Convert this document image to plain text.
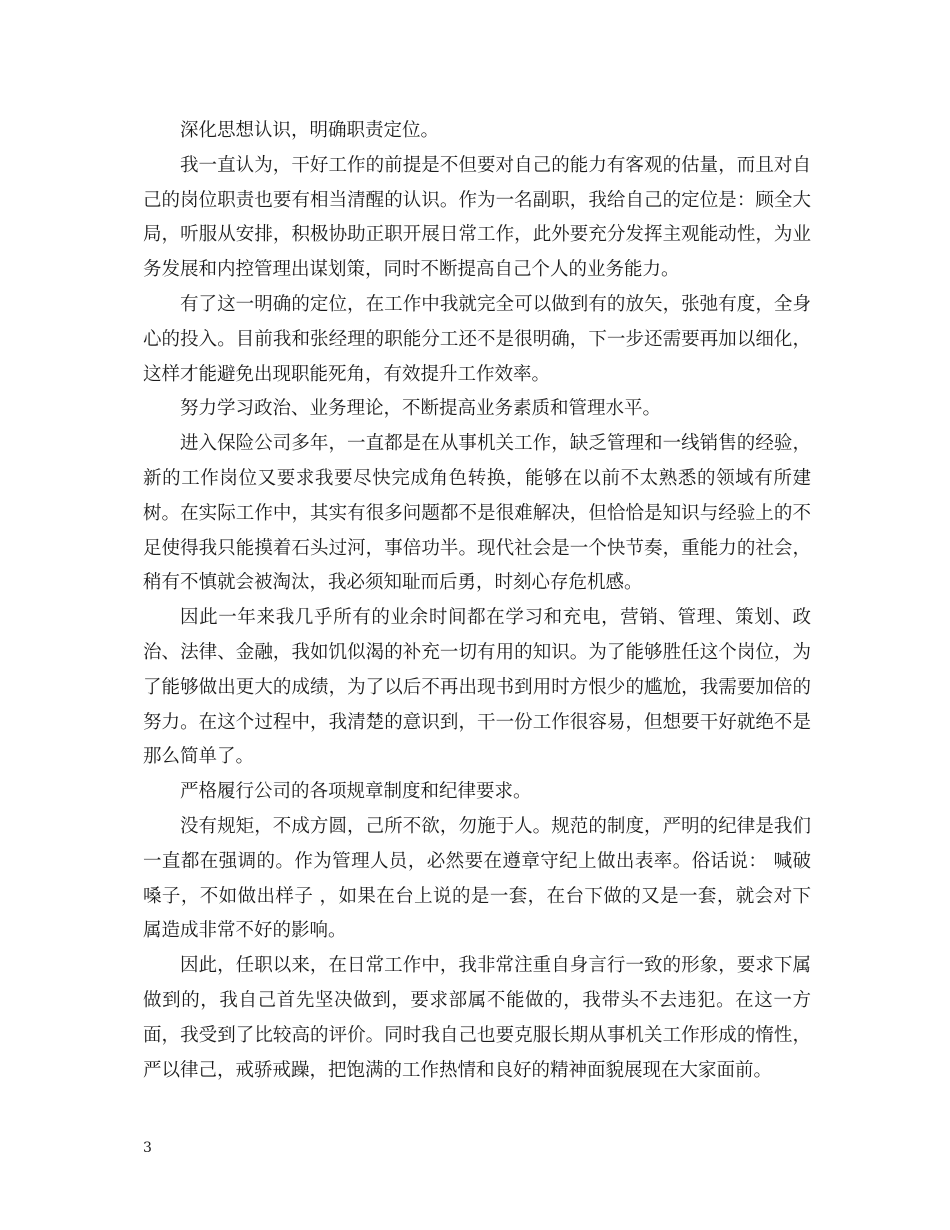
深化思想认识，明确职责定位。

我一直认为，干好工作的前提是不但要对自己的能力有客观的估量，而且对自己的岗位职责也要有相当清醒的认识。作为一名副职，我给自己的定位是：顾全大局，听服从安排，积极协助正职开展日常工作，此外要充分发挥主观能动性，为业务发展和内控管理出谋划策，同时不断提高自己个人的业务能力。

有了这一明确的定位，在工作中我就完全可以做到有的放矢，张弛有度，全身心的投入。目前我和张经理的职能分工还不是很明确，下一步还需要再加以细化，这样才能避免出现职能死角，有效提升工作效率。

努力学习政治、业务理论，不断提高业务素质和管理水平。

进入保险公司多年，一直都是在从事机关工作，缺乏管理和一线销售的经验，新的工作岗位又要求我要尽快完成角色转换，能够在以前不太熟悉的领域有所建树。在实际工作中，其实有很多问题都不是很难解决，但恰恰是知识与经验上的不足使得我只能摸着石头过河，事倍功半。现代社会是一个快节奏，重能力的社会，稍有不慎就会被淘汰，我必须知耻而后勇，时刻心存危机感。

因此一年来我几乎所有的业余时间都在学习和充电，营销、管理、策划、政治、法律、金融，我如饥似渴的补充一切有用的知识。为了能够胜任这个岗位，为了能够做出更大的成绩，为了以后不再出现书到用时方恨少的尴尬，我需要加倍的努力。在这个过程中，我清楚的意识到，干一份工作很容易，但想要干好就绝不是那么简单了。

严格履行公司的各项规章制度和纪律要求。

没有规矩，不成方圆，己所不欲，勿施于人。规范的制度，严明的纪律是我们一直都在强调的。作为管理人员，必然要在遵章守纪上做出表率。俗话说： 喊破嗓子，不如做出样子 ，如果在台上说的是一套，在台下做的又是一套，就会对下属造成非常不好的影响。

因此，任职以来，在日常工作中，我非常注重自身言行一致的形象，要求下属做到的，我自己首先坚决做到，要求部属不能做的，我带头不去违犯。在这一方面，我受到了比较高的评价。同时我自己也要克服长期从事机关工作形成的惰性，严以律己，戒骄戒躁，把饱满的工作热情和良好的精神面貌展现在大家面前。

3
